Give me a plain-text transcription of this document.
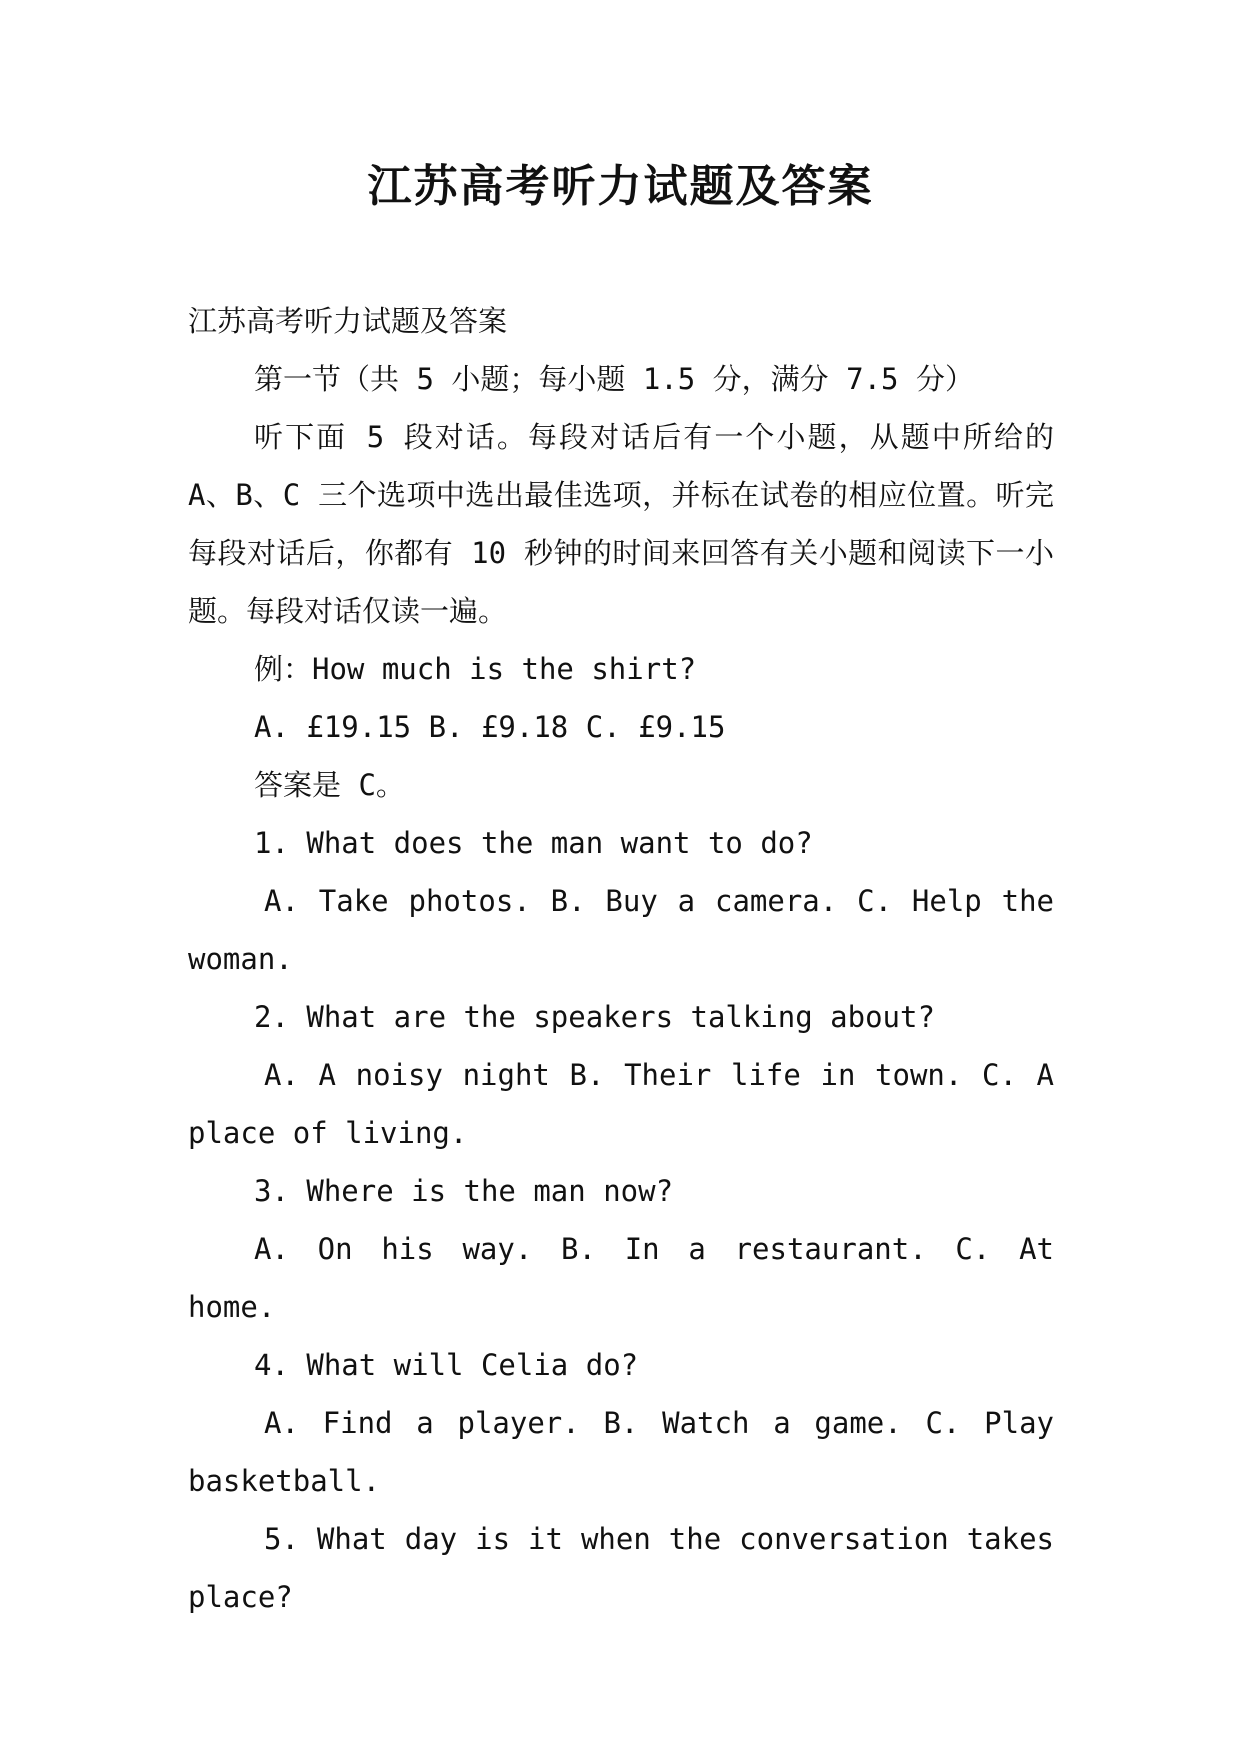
江苏高考听力试题及答案

江苏高考听力试题及答案

第一节（共 5 小题；每小题 1.5 分，满分 7.5 分）

听下面 5 段对话。每段对话后有一个小题，从题中所给的 A、B、C 三个选项中选出最佳选项，并标在试卷的相应位置。听完每段对话后，你都有 10 秒钟的时间来回答有关小题和阅读下一小题。每段对话仅读一遍。

例：How much is the shirt?

A. £19.15 B. £9.18 C. £9.15

答案是 C。

1. What does the man want to do?

A. Take photos. B. Buy a camera. C. Help the woman.

2. What are the speakers talking about?

A. A noisy night B. Their life in town. C. A place of living.

3. Where is the man now?

A. On his way. B. In a restaurant. C. At home.

4. What will Celia do?

A. Find a player. B. Watch a game. C. Play basketball.

5. What day is it when the conversation takes place?
